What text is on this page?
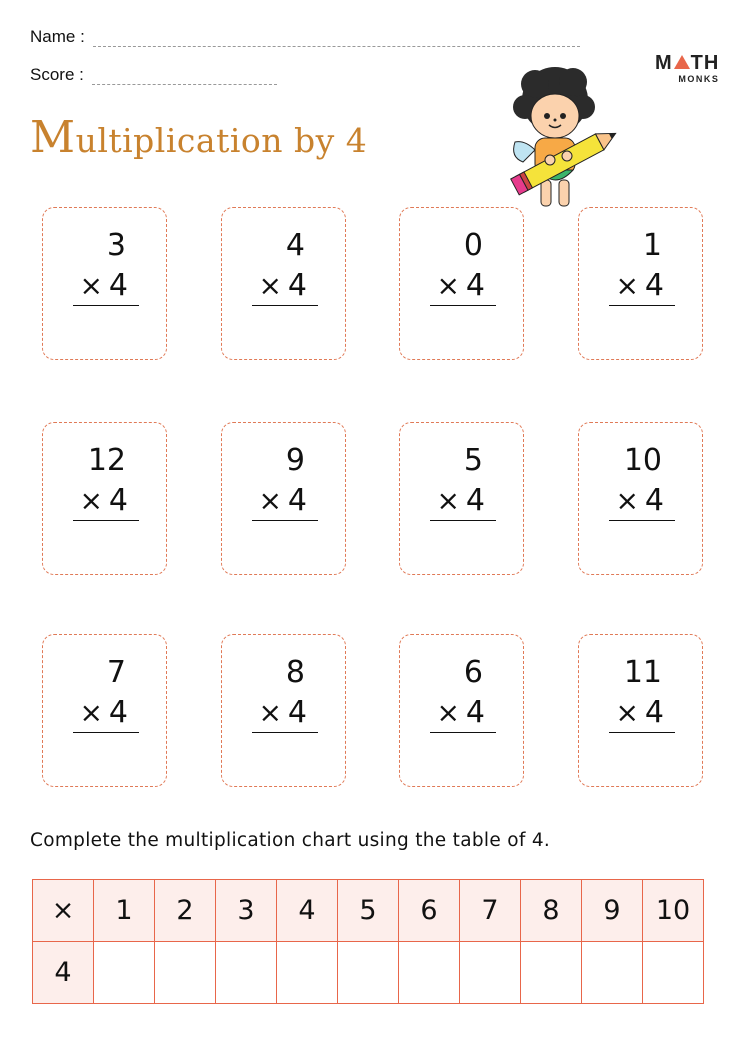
Name :
Score :
Multiplication by 4
M TH
MONKS
3
× 4
4
× 4
0
× 4
1
× 4
12
× 4
9
× 4
5
× 4
10
× 4
7
× 4
8
× 4
6
× 4
11
× 4
Complete the multiplication chart using the table of 4.
×	1	2	3	4	5	6	7	8	9	10
4										
